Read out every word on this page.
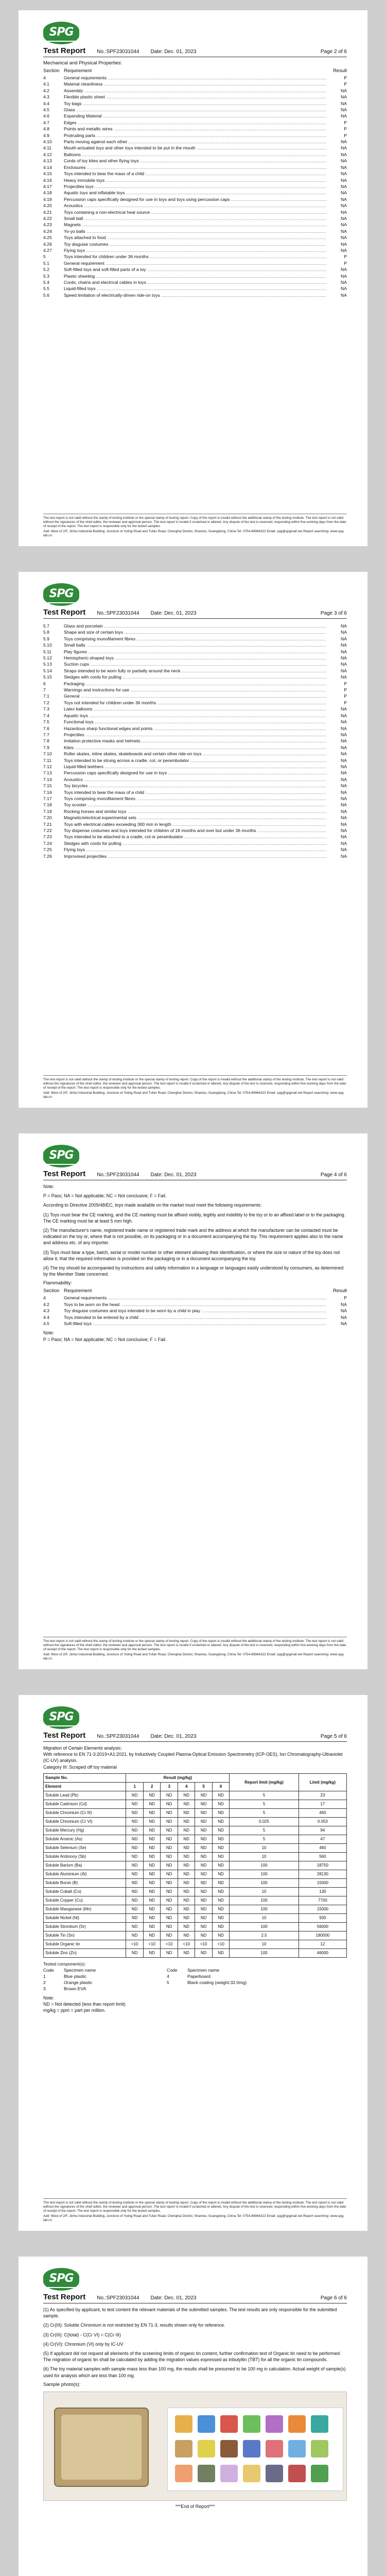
SPG
Test Report No.:SPF23031044 Date: Dec. 01, 2023	Page 2 of 6
Mechanical and Physical Properties:
Section Requirement	Result
4	General requirements .....	P
4.1	Material cleanliness .....	P
4.2	Assembly .....	NA
4.3	Flexible plastic sheet .....	NA
4.4	Toy bags .....	NA
4.5	Glass .....	NA
4.6	Expanding Material .....	NA
4.7	Edges .....	P
4.8	Points and metallic wires .....	P
4.9	Protruding parts .....	P
4.10	Parts moving against each other .....	NA
4.11	Mouth-actuated toys and other toys intended to be put in the mouth .....	NA
4.12	Balloons .....	NA
4.13	Cords of toy kites and other flying toys .....	NA
4.14	Enclosures .....	NA
4.15	Toys intended to bear the mass of a child .....	NA
4.16	Heavy immobile toys .....	NA
4.17	Projectiles toys .....	NA
4.18	Aquatic toys and inflatable toys .....	NA
4.19	Percussion caps specifically designed for use in toys and toys using percussion caps .....	NA
4.20	Acoustics .....	NA
4.21	Toys containing a non-electrical heat source .....	NA
4.22	Small ball .....	NA
4.23	Magnets .....	NA
4.24	Yo-yo balls .....	NA
4.25	Toys attached to food .....	NA
4.26	Toy disguise costumes .....	NA
4.27	Flying toys .....	NA
5	Toys intended for children under 36 months .....	P
5.1	General requirement .....	P
5.2	Soft-filled toys and soft-filled parts of a toy .....	NA
5.3	Plastic sheeting .....	NA
5.4	Cords, chains and electrical cables in toys .....	NA
5.5	Liquid-filled toys .....	NA
5.6	Speed limitation of electrically-driven ride-on toys .....	NA

The test report is not valid without the stamp of testing institute or the special stamp of testing report. Copy of the report is invalid without the additional stamp of the testing institute. The test report is not valid without the signatures of the chief editor, the reviewer and approval person. The test report is invalid if scratched or altered. Any dispute of the test is reserved, responding within five working days from the date of receipt of the report. The test report is responsible only for the tested samples.

Add: West of 2/F, Jinhui Industrial Building, Juncture of Yuling Road and Tufan Road, Chenghai District, Shantou, Guangdong, China Tel: 0754-89964322 Email: spg@spgmail.net Report searching: www.spg-lab.cn

SPG
Test Report No.:SPF23031044 Date: Dec. 01, 2023	Page 3 of 6
5.7	Glass and porcelain .....	NA
5.8	Shape and size of certain toys .....	NA
5.9	Toys comprising monofilament fibres .....	NA
5.10	Small balls .....	NA
5.11	Play figures .....	NA
5.12	Hemispheric-shaped toys .....	NA
5.13	Suction cups .....	NA
5.14	Straps intended to be worn fully or partially around the neck .....	NA
5.15	Sledges with cords for pulling .....	NA
6	Packaging .....	P
7	Warnings and instructions for use .....	P
7.1	General .....	P
7.2	Toys not intended for children under 36 months .....	P
7.3	Latex balloons .....	NA
7.4	Aquatic toys .....	NA
7.5	Functional toys .....	NA
7.6	Hazardous sharp functional edges and points .....	NA
7.7	Projectiles .....	NA
7.8	Imitation protective masks and helmets .....	NA
7.9	Kites .....	NA
7.10	Roller skates, inline skates, skateboards and certain other ride-on toys .....	NA
7.11	Toys intended to be strung across a cradle, cot, or perambulator .....	NA
7.12	Liquid-filled teethers .....	NA
7.13	Percussion caps specifically designed for use in toys .....	NA
7.14	Acoustics .....	NA
7.15	Toy bicycles .....	NA
7.16	Toys intended to bear the mass of a child .....	NA
7.17	Toys comprising monofilament fibres .....	NA
7.18	Toy scooter .....	NA
7.19	Rocking horses and similar toys .....	NA
7.20	Magnetic/electrical experimental sets .....	NA
7.21	Toys with electrical cables exceeding 300 mm in length .....	NA
7.22	Toy dispense costumes and toys intended for children of 18 months and over but under 36 months .....	NA
7.23	Toys intended to be attached to a cradle, cot or perambulator .....	NA
7.24	Sledges with cords for pulling .....	NA
7.25	Flying toys .....	NA
7.26	Improvised projectiles .....	NA

The test report is not valid without the stamp of testing institute or the special stamp of testing report. Copy of the report is invalid without the additional stamp of the testing institute. The test report is not valid without the signatures of the chief editor, the reviewer and approval person. The test report is invalid if scratched or altered. Any dispute of the test is reserved, responding within five working days from the date of receipt of the report. The test report is responsible only for the tested samples.

Add: West of 2/F, Jinhui Industrial Building, Juncture of Yuling Road and Tufan Road, Chenghai District, Shantou, Guangdong, China Tel: 0754-89964322 Email: spg@spgmail.net Report searching: www.spg-lab.cn

SPG
Test Report No.:SPF23031044 Date: Dec. 01, 2023	Page 4 of 6

Note:

P = Pass; NA = Not applicable; NC = Not conclusive; F = Fail.

According to Directive 2009/48/EC, toys made available on the market must meet the following requirements:

(1) Toys must bear the CE marking, and the CE marking must be affixed visibly, legibly and indelibly to the toy or to an affixed label or to the packaging. The CE marking must be at least 5 mm high.

(2) The manufacturer's name, registered trade name or registered trade mark and the address at which the manufacturer can be contacted must be indicated on the toy or, where that is not possible, on its packaging or in a document accompanying the toy. This requirement applies also to the name and address etc. of any importer.

(3) Toys must bear a type, batch, serial or model number or other element allowing their identification, or where the size or nature of the toy does not allow it, that the required information is provided on the packaging or in a document accompanying the toy.

(4) The toy should be accompanied by instructions and safety information in a language or languages easily understood by consumers, as determined by the Member State concerned.

Flammability:
Section Requirement	Result
4	General requirements .....	P
4.2	Toys to be worn on the head .....	NA
4.3	Toy disguise costumes and toys intended to be worn by a child in play .....	NA
4.4	Toys intended to be entered by a child .....	NA
4.5	Soft-filled toys .....	NA
Note:
P = Pass; NA = Not applicable; NC = Not conclusive; F = Fail.

The test report is not valid without the stamp of testing institute or the special stamp of testing report. Copy of the report is invalid without the additional stamp of the testing institute. The test report is not valid without the signatures of the chief editor, the reviewer and approval person. The test report is invalid if scratched or altered. Any dispute of the test is reserved, responding within five working days from the date of receipt of the report. The test report is responsible only for the tested samples.

Add: West of 2/F, Jinhui Industrial Building, Juncture of Yuling Road and Tufan Road, Chenghai District, Shantou, Guangdong, China Tel: 0754-89964322 Email: spg@spgmail.net Report searching: www.spg-lab.cn

SPG
Test Report No.:SPF23031044 Date: Dec. 01, 2023	Page 5 of 6
Migration of Certain Elements analysis:
With reference to EN 71-3:2019+A1:2021, by Inductively Coupled Plasma-Optical Emission Spectrometry (ICP-OES), Ion Chromatography-Ultraviolet (IC-UV) analysis.
Category III: Scraped off toy material
Sample No.	Result (mg/kg)						Report limit (mg/kg)	Limit (mg/kg)
Element	1	2	3	4	5	6		
Soluble Lead (Pb)	ND	ND	ND	ND	ND	ND	5	23
Soluble Cadmium (Cd)	ND	ND	ND	ND	ND	ND	5	17
Soluble Chromium (Cr III)	ND	ND	ND	ND	ND	ND	5	460
Soluble Chromium (Cr VI)	ND	ND	ND	ND	ND	ND	0.025	0.053
Soluble Mercury (Hg)	ND	ND	ND	ND	ND	ND	5	94
Soluble Arsenic (As)	ND	ND	ND	ND	ND	ND	5	47
Soluble Selenium (Se)	ND	ND	ND	ND	ND	ND	10	460
Soluble Antimony (Sb)	ND	ND	ND	ND	ND	ND	10	560
Soluble Barium (Ba)	ND	ND	ND	ND	ND	ND	100	18750
Soluble Aluminium (Al)	ND	ND	ND	ND	ND	ND	100	28130
Soluble Boron (B)	ND	ND	ND	ND	ND	ND	100	15000
Soluble Cobalt (Co)	ND	ND	ND	ND	ND	ND	10	130
Soluble Copper (Cu)	ND	ND	ND	ND	ND	ND	100	7700
Soluble Manganese (Mn)	ND	ND	ND	ND	ND	ND	100	15000
Soluble Nickel (Ni)	ND	ND	ND	ND	ND	ND	10	930
Soluble Strontium (Sr)	ND	ND	ND	ND	ND	ND	100	56000
Soluble Tin (Sn)	ND	ND	ND	ND	ND	ND	2.5	180000
Soluble Organic tin	<10	<10	<10	<10	<10	<10	10	12
Soluble Zinc (Zn)	ND	ND	ND	ND	ND	ND	100	46000
Tested component(s):
Code	Specimen name	Code	Specimen name
1	Blue plastic	4	Paperboard
2	Orange plastic	5	Black coating (weight:32.0mg)
3	Brown EVA
Note:
ND = Not detected (less than report limit)
mg/kg = ppm = part per million.

The test report is not valid without the stamp of testing institute or the special stamp of testing report. Copy of the report is invalid without the additional stamp of the testing institute. The test report is not valid without the signatures of the chief editor, the reviewer and approval person. The test report is invalid if scratched or altered. Any dispute of the test is reserved, responding within five working days from the date of receipt of the report. The test report is responsible only for the tested samples.

Add: West of 2/F, Jinhui Industrial Building, Juncture of Yuling Road and Tufan Road, Chenghai District, Shantou, Guangdong, China Tel: 0754-89964322 Email: spg@spgmail.net Report searching: www.spg-lab.cn

SPG
Test Report No.:SPF23031044 Date: Dec. 01, 2023	Page 6 of 6

(1) As specified by applicant, to test content the relevant materials of the submitted samples. The test results are only responsible for the submitted sample.

(2) Cr(III): Soluble Chromium is not restricted by EN 71-3, results shown only for reference.

(3) Cr(III): C(total) - C(Cr VI) = C(Cr III)

(4) Cr(VI): Chromium (VI) only by IC-UV.

(5) If applicant did not request all elements of the screening limits of organic tin content, further confirmation test of Organic tin need to be performed. The migration of organic tin shall be calculated by adding the migration values expressed as tributyltin (TBT) for all the organic tin compounds.

(6) The toy material samples with sample mass less than 100 mg, the results shall be presumed to be 100 mg in calculation. Actual weight of sample(s) used for analysis which are less than 100 mg.

Sample photo(s):
***End of Report***
